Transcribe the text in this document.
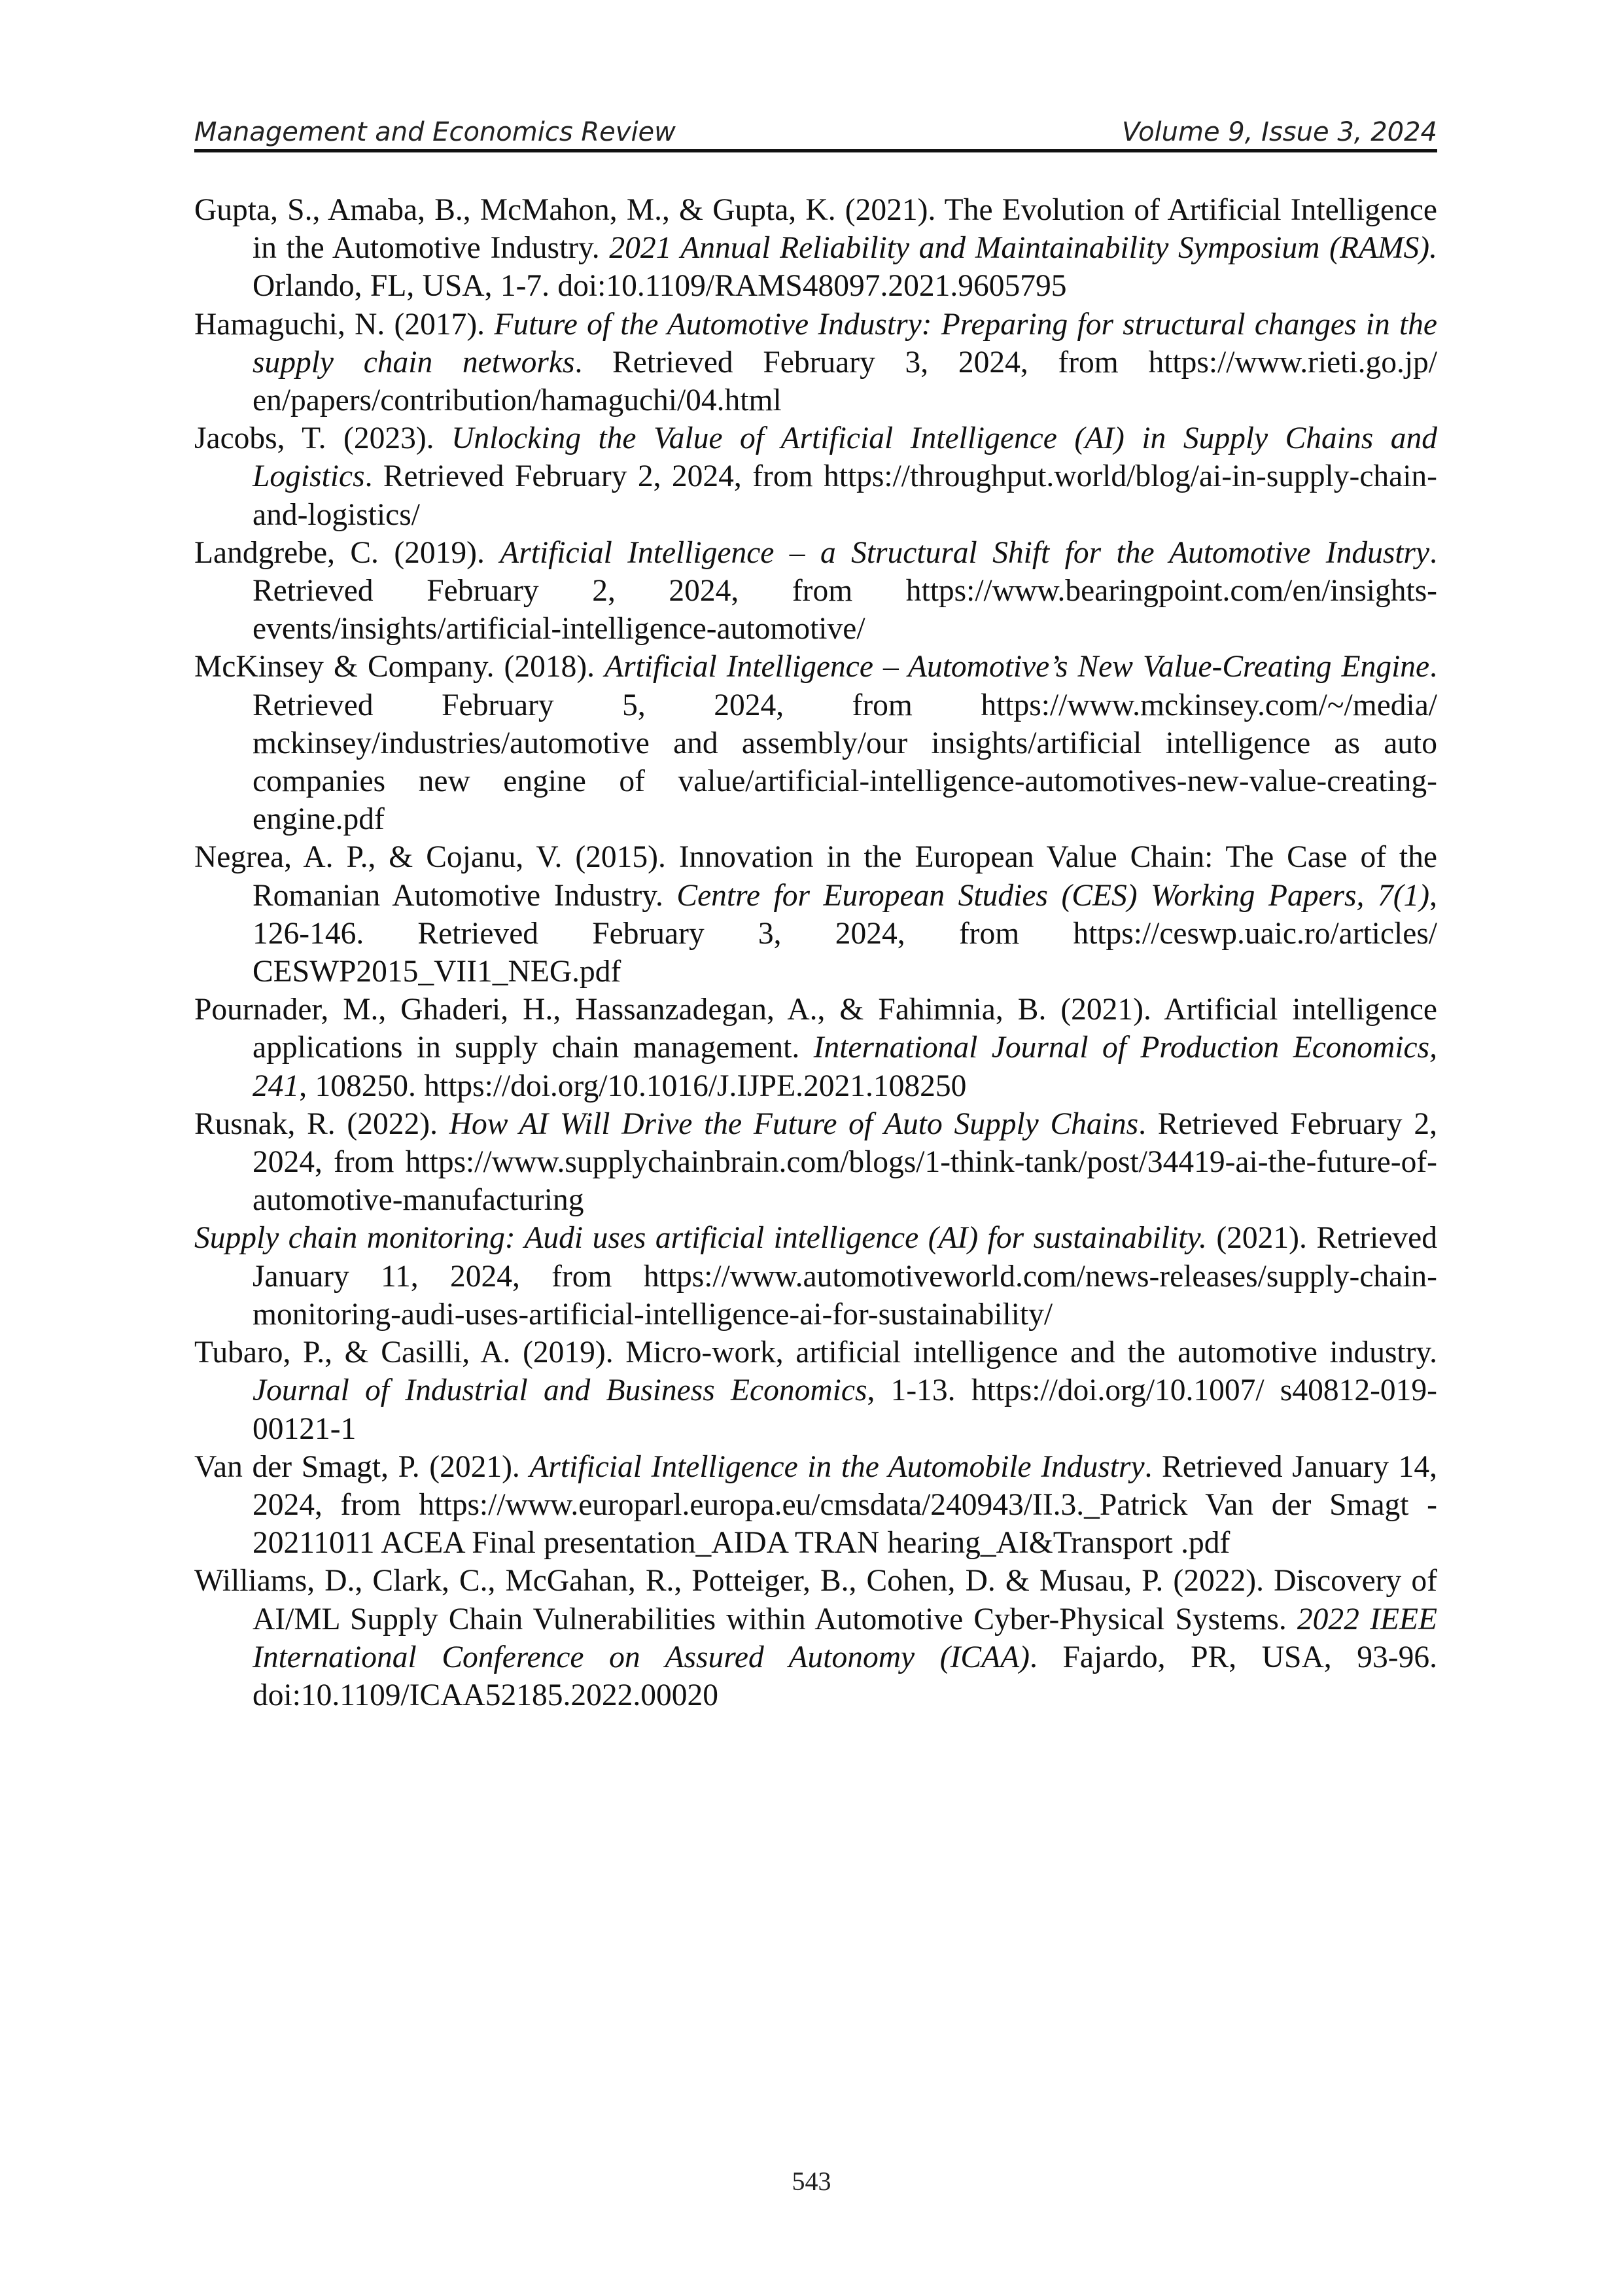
Management and Economics Review	Volume 9, Issue 3, 2024

Gupta, S., Amaba, B., McMahon, M., & Gupta, K. (2021). The Evolution of Artificial Intelligence in the Automotive Industry. 2021 Annual Reliability and Maintainability Symposium (RAMS). Orlando, FL, USA, 1-7. doi:10.1109/RAMS48097.2021.9605795

Hamaguchi, N. (2017). Future of the Automotive Industry: Preparing for structural changes in the supply chain networks. Retrieved February 3, 2024, from https://www.rieti.go.jp/ en/papers/contribution/hamaguchi/04.html

Jacobs, T. (2023). Unlocking the Value of Artificial Intelligence (AI) in Supply Chains and Logistics. Retrieved February 2, 2024, from https://throughput.world/blog/ai-in-supply-chain-and-logistics/

Landgrebe, C. (2019). Artificial Intelligence – a Structural Shift for the Automotive Industry. Retrieved February 2, 2024, from https://www.bearingpoint.com/en/insights-events/insights/artificial-intelligence-automotive/

McKinsey & Company. (2018). Artificial Intelligence – Automotive’s New Value-Creating Engine. Retrieved February 5, 2024, from https://www.mckinsey.com/~/media/ mckinsey/industries/automotive and assembly/our insights/artificial intelligence as auto companies new engine of value/artificial-intelligence-automotives-new-value-creating-engine.pdf

Negrea, A. P., & Cojanu, V. (2015). Innovation in the European Value Chain: The Case of the Romanian Automotive Industry. Centre for European Studies (CES) Working Papers, 7(1), 126-146. Retrieved February 3, 2024, from https://ceswp.uaic.ro/articles/ CESWP2015_VII1_NEG.pdf

Pournader, M., Ghaderi, H., Hassanzadegan, A., & Fahimnia, B. (2021). Artificial intelligence applications in supply chain management. International Journal of Production Economics, 241, 108250. https://doi.org/10.1016/J.IJPE.2021.108250

Rusnak, R. (2022). How AI Will Drive the Future of Auto Supply Chains. Retrieved February 2, 2024, from https://www.supplychainbrain.com/blogs/1-think-tank/post/34419-ai-the-future-of-automotive-manufacturing

Supply chain monitoring: Audi uses artificial intelligence (AI) for sustainability. (2021). Retrieved January 11, 2024, from https://www.automotiveworld.com/news-releases/supply-chain-monitoring-audi-uses-artificial-intelligence-ai-for-sustainability/

Tubaro, P., & Casilli, A. (2019). Micro-work, artificial intelligence and the automotive industry. Journal of Industrial and Business Economics, 1-13. https://doi.org/10.1007/ s40812-019-00121-1

Van der Smagt, P. (2021). Artificial Intelligence in the Automobile Industry. Retrieved January 14, 2024, from https://www.europarl.europa.eu/cmsdata/240943/II.3._Patrick Van der Smagt - 20211011 ACEA Final presentation_AIDA TRAN hearing_AI&Transport .pdf

Williams, D., Clark, C., McGahan, R., Potteiger, B., Cohen, D. & Musau, P. (2022). Discovery of AI/ML Supply Chain Vulnerabilities within Automotive Cyber-Physical Systems. 2022 IEEE International Conference on Assured Autonomy (ICAA). Fajardo, PR, USA, 93-96. doi:10.1109/ICAA52185.2022.00020

543
